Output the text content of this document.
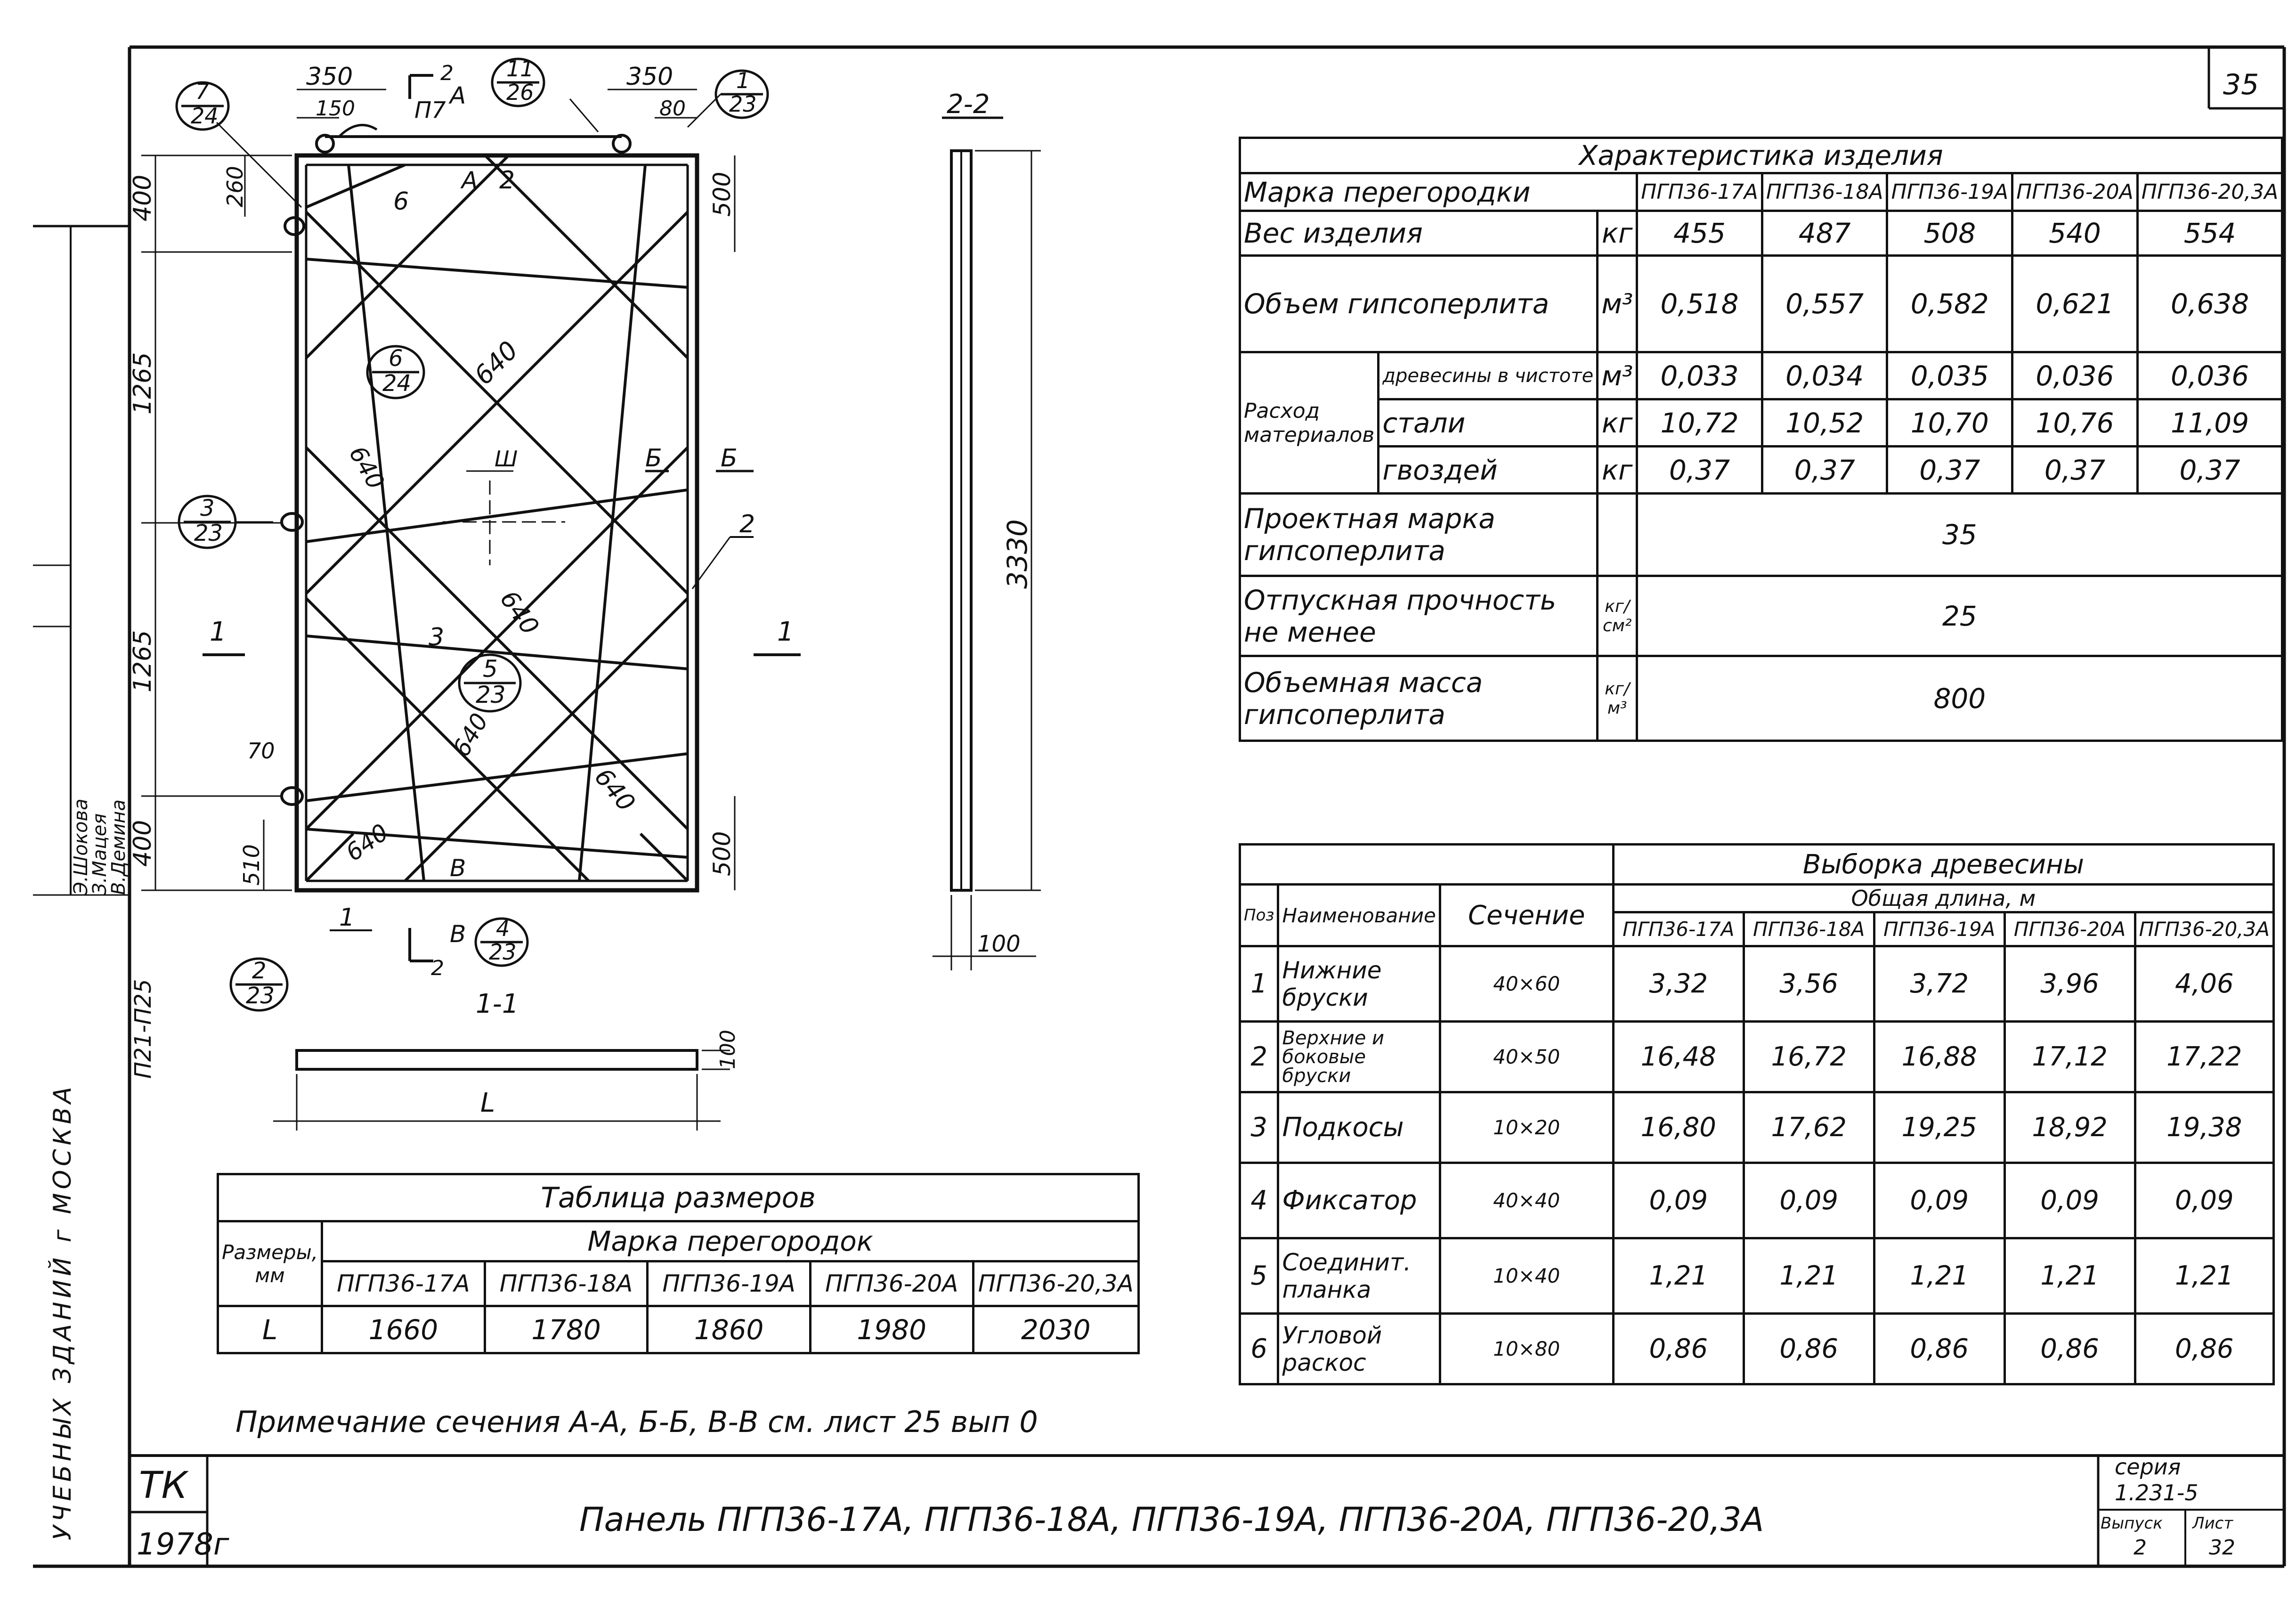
35
350
150
350
80
2
П7
А
А
400
1265
1265
400
260
510
70
500
500
П21-П25
640
640
640
640
640
640
6
2
3
2
1
Ш	Б Б
В
В
2
1	1
7
24
11
26	1
23
6
24
3
23
5
23
4
23
2
23
2-2
3330
100
1-1
100
L
УЧЕБНЫХ ЗДАНИЙ г МОСКВА
Э.Шокова
З.Мацея
В.Демина
ТК
1978г
Панель ПГП36-17А, ПГП36-18А, ПГП36-19А, ПГП36-20А, ПГП36-20,3А
серия
1.231-5
Выпуск
2
Лист
32
Примечание сечения А-А, Б-Б, В-В см. лист 25 вып 0
Характеристика изделия							
Марка перегородки			ПГП36-17А	ПГП36-18А	ПГП36-19А	ПГП36-20А	ПГП36-20,3А
Вес изделия		кг	455	487	508	540	554
Объем гипсоперлита		м³	0,518	0,557	0,582	0,621	0,638
Расход материалов	древесины в чистоте	м³	0,033	0,034	0,035	0,036	0,036
	стали	кг	10,72	10,52	10,70	10,76	11,09
	гвоздей	кг	0,37	0,37	0,37	0,37	0,37
Проектная марка гипсоперлита			35				
Отпускная прочность не менее		кг/см²	25				
Объемная масса гипсоперлита		кг/м³	800				
			Выборка древесины				
Поз	Наименование	Сечение	Общая длина, м				
			ПГП36-17А	ПГП36-18А	ПГП36-19А	ПГП36-20А	ПГП36-20,3А
1	Нижние бруски	40×60	3,32	3,56	3,72	3,96	4,06
2	Верхние и боковые бруски	40×50	16,48	16,72	16,88	17,12	17,22
3	Подкосы	10×20	16,80	17,62	19,25	18,92	19,38
4	Фиксатор	40×40	0,09	0,09	0,09	0,09	0,09
5	Соединит. планка	10×40	1,21	1,21	1,21	1,21	1,21
6	Угловой раскос	10×80	0,86	0,86	0,86	0,86	0,86
Таблица размеров					
Размеры, мм	Марка перегородок				
	ПГП36-17А	ПГП36-18А	ПГП36-19А	ПГП36-20А	ПГП36-20,3А
L	1660	1780	1860	1980	2030
